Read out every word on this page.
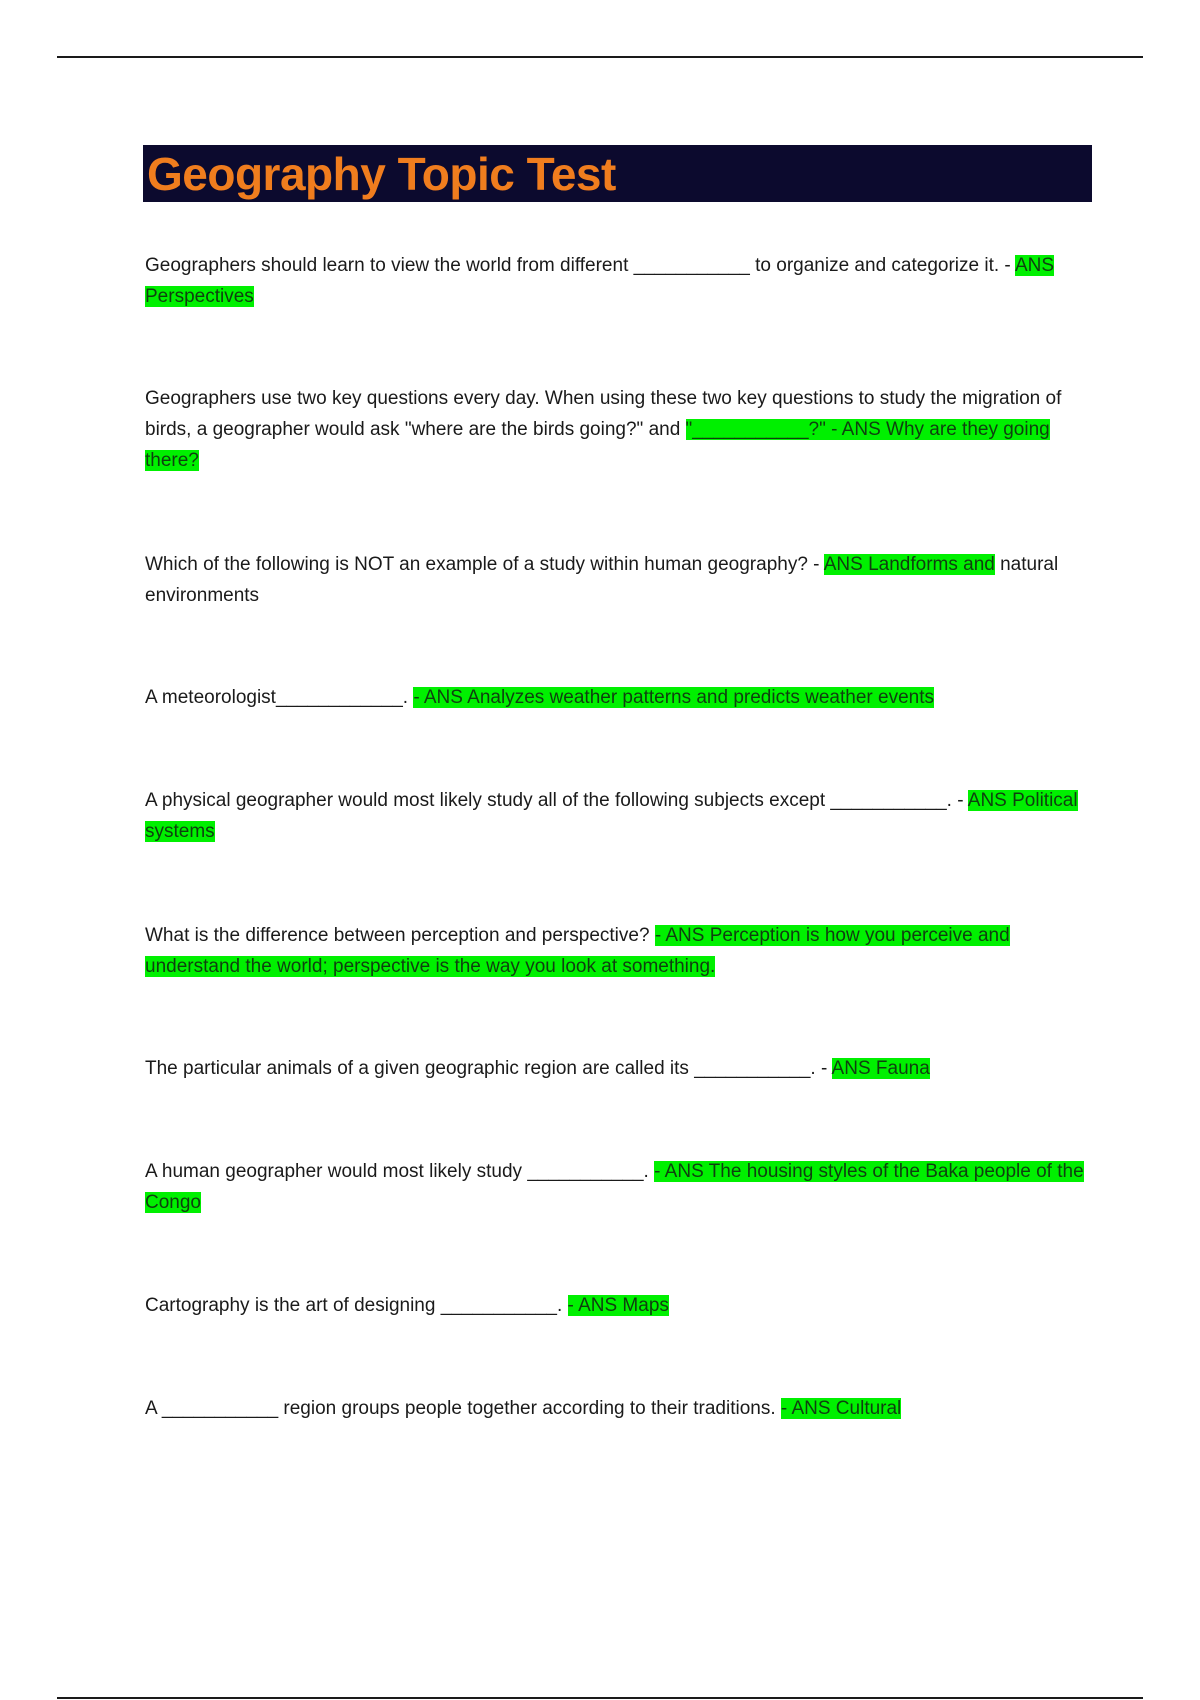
Geography Topic Test
Geographers should learn to view the world from different ___________ to organize and categorize it. - ANS Perspectives
Geographers use two key questions every day. When using these two key questions to study the migration of birds, a geographer would ask "where are the birds going?" and "___________?" - ANS Why are they going there?
Which of the following is NOT an example of a study within human geography? - ANS Landforms and natural environments
A meteorologist____________. - ANS Analyzes weather patterns and predicts weather events
A physical geographer would most likely study all of the following subjects except ___________. - ANS Political systems
What is the difference between perception and perspective? - ANS Perception is how you perceive and understand the world; perspective is the way you look at something.
The particular animals of a given geographic region are called its ___________. - ANS Fauna
A human geographer would most likely study ___________. - ANS The housing styles of the Baka people of the Congo
Cartography is the art of designing ___________. - ANS Maps
A ___________ region groups people together according to their traditions. - ANS Cultural
